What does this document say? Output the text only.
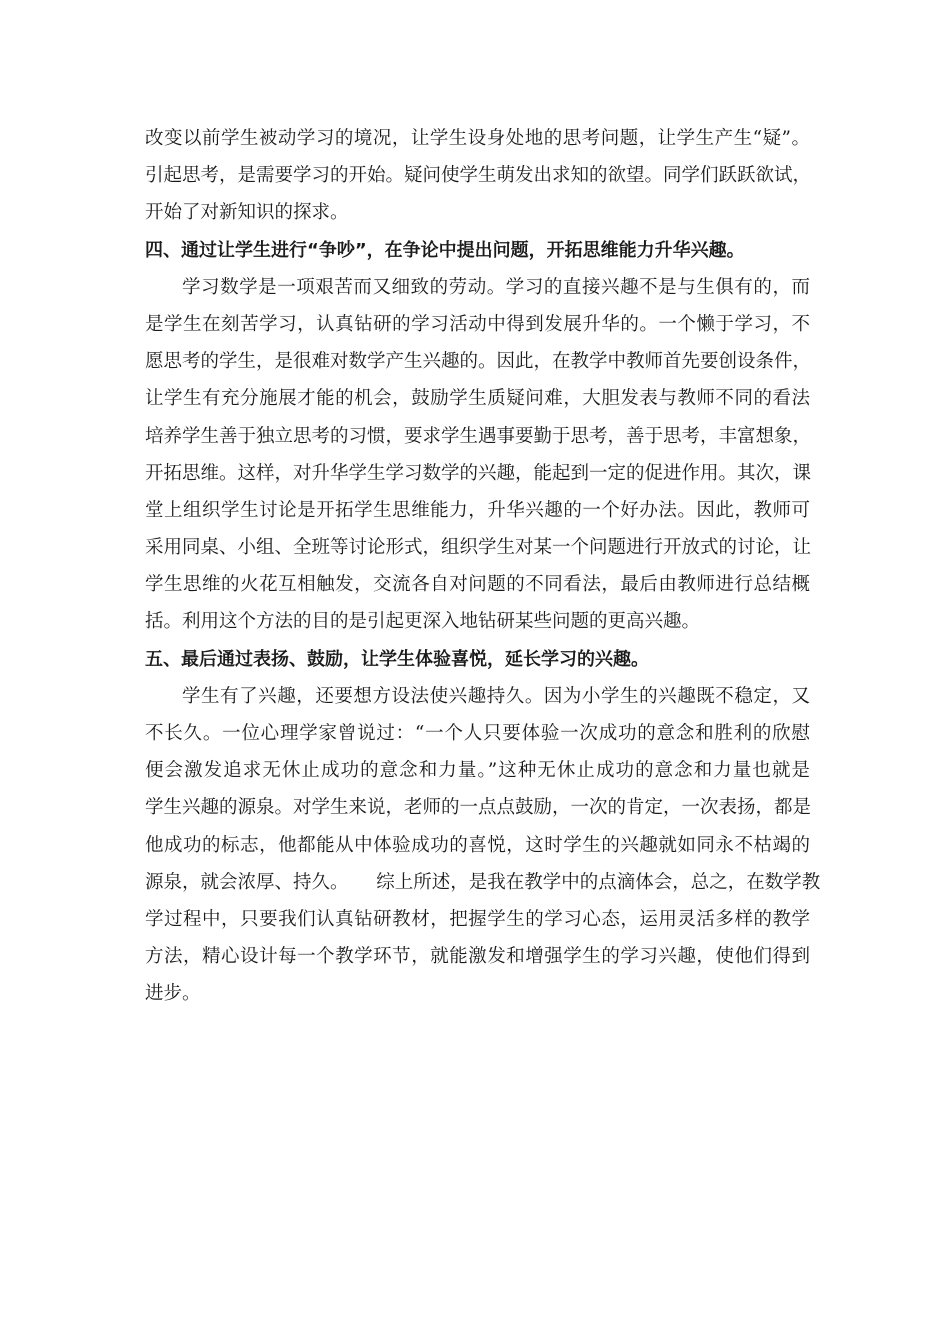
改变以前学生被动学习的境况，让学生设身处地的思考问题，让学生产生“疑”。
引起思考，是需要学习的开始。疑问使学生萌发出求知的欲望。同学们跃跃欲试，
开始了对新知识的探求。
四、通过让学生进行“争吵”，在争论中提出问题，开拓思维能力升华兴趣。
学习数学是一项艰苦而又细致的劳动。学习的直接兴趣不是与生俱有的，而
是学生在刻苦学习，认真钻研的学习活动中得到发展升华的。一个懒于学习，不
愿思考的学生，是很难对数学产生兴趣的。因此，在教学中教师首先要创设条件，
让学生有充分施展才能的机会，鼓励学生质疑问难，大胆发表与教师不同的看法
培养学生善于独立思考的习惯，要求学生遇事要勤于思考，善于思考，丰富想象，
开拓思维。这样，对升华学生学习数学的兴趣，能起到一定的促进作用。其次，课
堂上组织学生讨论是开拓学生思维能力，升华兴趣的一个好办法。因此，教师可
采用同桌、小组、全班等讨论形式，组织学生对某一个问题进行开放式的讨论，让
学生思维的火花互相触发，交流各自对问题的不同看法，最后由教师进行总结概
括。利用这个方法的目的是引起更深入地钻研某些问题的更高兴趣。
五、最后通过表扬、鼓励，让学生体验喜悦，延长学习的兴趣。
学生有了兴趣，还要想方设法使兴趣持久。因为小学生的兴趣既不稳定，又
不长久。一位心理学家曾说过：“一个人只要体验一次成功的意念和胜利的欣慰
便会激发追求无休止成功的意念和力量。”这种无休止成功的意念和力量也就是
学生兴趣的源泉。对学生来说，老师的一点点鼓励，一次的肯定，一次表扬，都是
他成功的标志，他都能从中体验成功的喜悦，这时学生的兴趣就如同永不枯竭的
源泉，就会浓厚、持久。　　综上所述，是我在教学中的点滴体会，总之，在数学教
学过程中，只要我们认真钻研教材，把握学生的学习心态，运用灵活多样的教学
方法，精心设计每一个教学环节，就能激发和增强学生的学习兴趣，使他们得到
进步。
